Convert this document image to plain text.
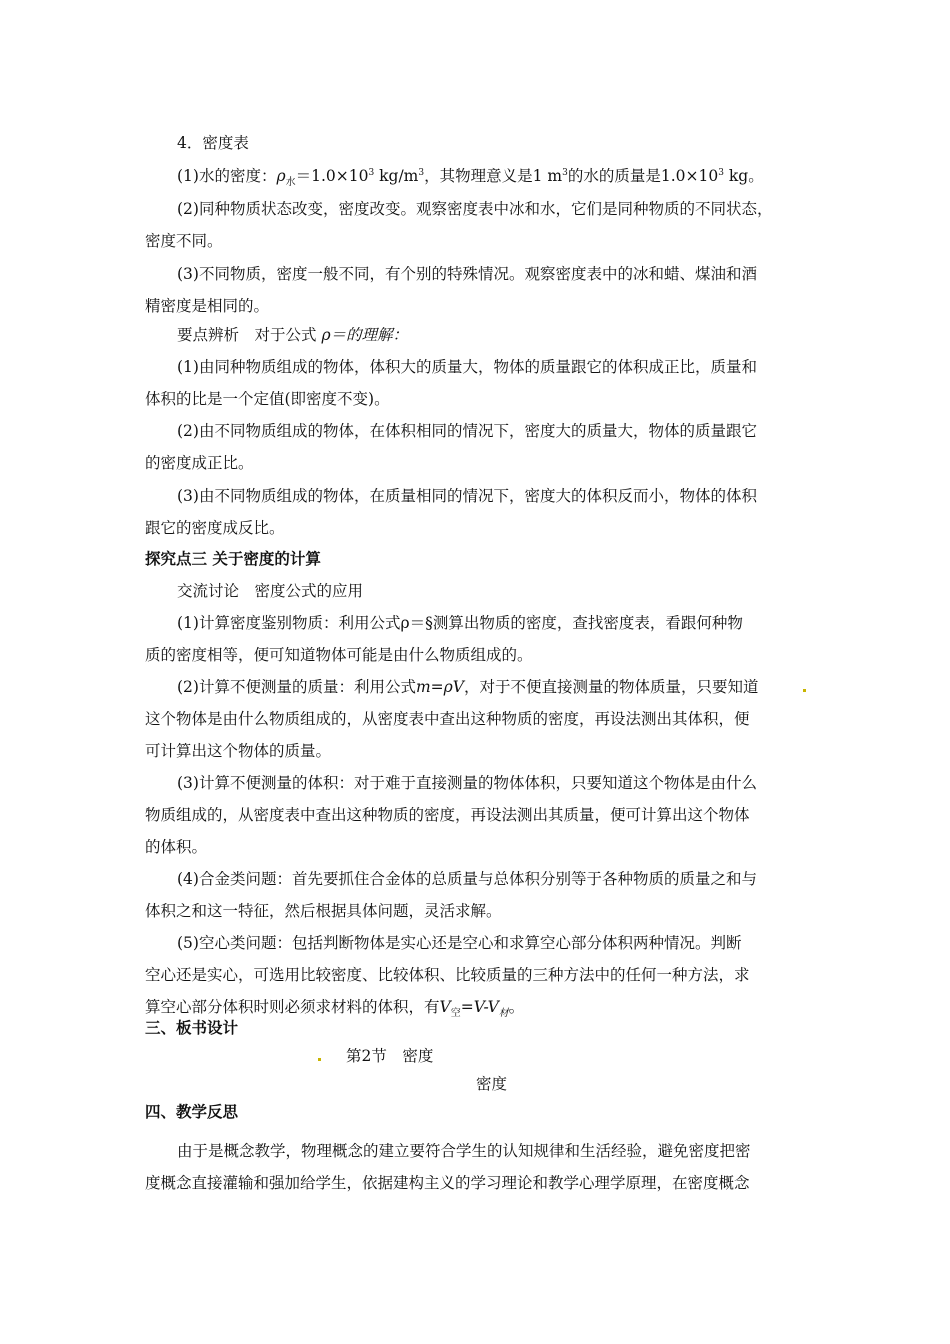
4．密度表
(1)水的密度：$\rho_水=1.0\times 10^3$ $kg/m^3$，其物理意义是1 $m^3$的水的质量是$1.0\times 10^3$ kg。
(2)同种物质状态改变，密度改变。观察密度表中冰和水，它们是同种物质的不同状态，
密度不同。
(3)不同物质，密度一般不同，有个别的特殊情况。观察密度表中的冰和蜡、煤油和酒
精密度是相同的。
要点辨析　对于公式 ρ＝的理解：
(1)由同种物质组成的物体，体积大的质量大，物体的质量跟它的体积成正比，质量和
体积的比是一个定值(即密度不变)。
(2)由不同物质组成的物体，在体积相同的情况下，密度大的质量大，物体的质量跟它
的密度成正比。
(3)由不同物质组成的物体，在质量相同的情况下，密度大的体积反而小，物体的体积
跟它的密度成反比。
探究点三 关于密度的计算
交流讨论　密度公式的应用
(1)计算密度鉴别物质：利用公式ρ＝§测算出物质的密度，查找密度表，看跟何种物
质的密度相等，便可知道物体可能是由什么物质组成的。
(2)计算不便测量的质量：利用公式m=ρV，对于不便直接测量的物体质量，只要知道
这个物体是由什么物质组成的，从密度表中查出这种物质的密度，再设法测出其体积，便
可计算出这个物体的质量。
(3)计算不便测量的体积：对于难于直接测量的物体体积，只要知道这个物体是由什么
物质组成的，从密度表中查出这种物质的密度，再设法测出其质量，便可计算出这个物体
的体积。
(4)合金类问题：首先要抓住合金体的总质量与总体积分别等于各种物质的质量之和与
体积之和这一特征，然后根据具体问题，灵活求解。
(5)空心类问题：包括判断物体是实心还是空心和求算空心部分体积两种情况。判断
空心还是实心，可选用比较密度、比较体积、比较质量的三种方法中的任何一种方法，求
算空心部分体积时则必须求材料的体积，有$V_空=V-V_材$。
三、板书设计
第2节　密度
密度
四、教学反思
由于是概念教学，物理概念的建立要符合学生的认知规律和生活经验，避免密度把密
度概念直接灌输和强加给学生，依据建构主义的学习理论和教学心理学原理，在密度概念
